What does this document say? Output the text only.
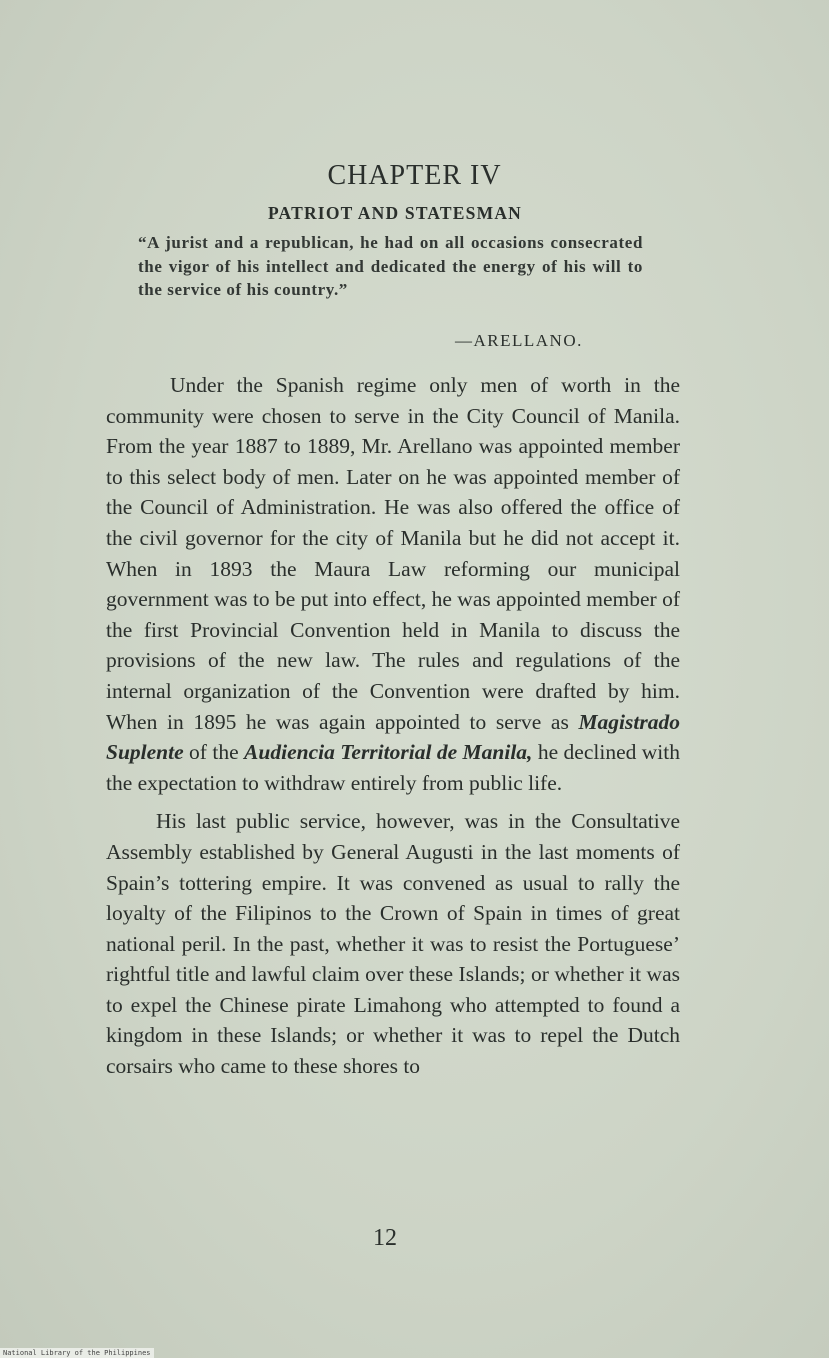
CHAPTER IV
PATRIOT AND STATESMAN
“A jurist and a republican, he had on all occasions consecrated the vigor of his intellect and dedicated the energy of his will to the service of his country.”
—ARELLANO.

Under the Spanish regime only men of worth in the community were chosen to serve in the City Council of Manila. From the year 1887 to 1889, Mr. Arellano was appointed member to this select body of men. Later on he was appointed member of the Council of Administration. He was also offered the office of the civil governor for the city of Manila but he did not accept it. When in 1893 the Maura Law reforming our municipal government was to be put into effect, he was appointed member of the first Provincial Convention held in Manila to discuss the provisions of the new law. The rules and regulations of the internal organization of the Convention were drafted by him. When in 1895 he was again appointed to serve as Magistrado Suplente of the Audiencia Territorial de Manila, he declined with the expectation to withdraw entirely from public life.

His last public service, however, was in the Consultative Assembly established by General Augusti in the last moments of Spain’s tottering empire. It was convened as usual to rally the loyalty of the Filipinos to the Crown of Spain in times of great national peril. In the past, whether it was to resist the Portuguese’ rightful title and lawful claim over these Islands; or whether it was to expel the Chinese pirate Limahong who attempted to found a kingdom in these Islands; or whether it was to repel the Dutch corsairs who came to these shores to

12
National Library of the Philippines
